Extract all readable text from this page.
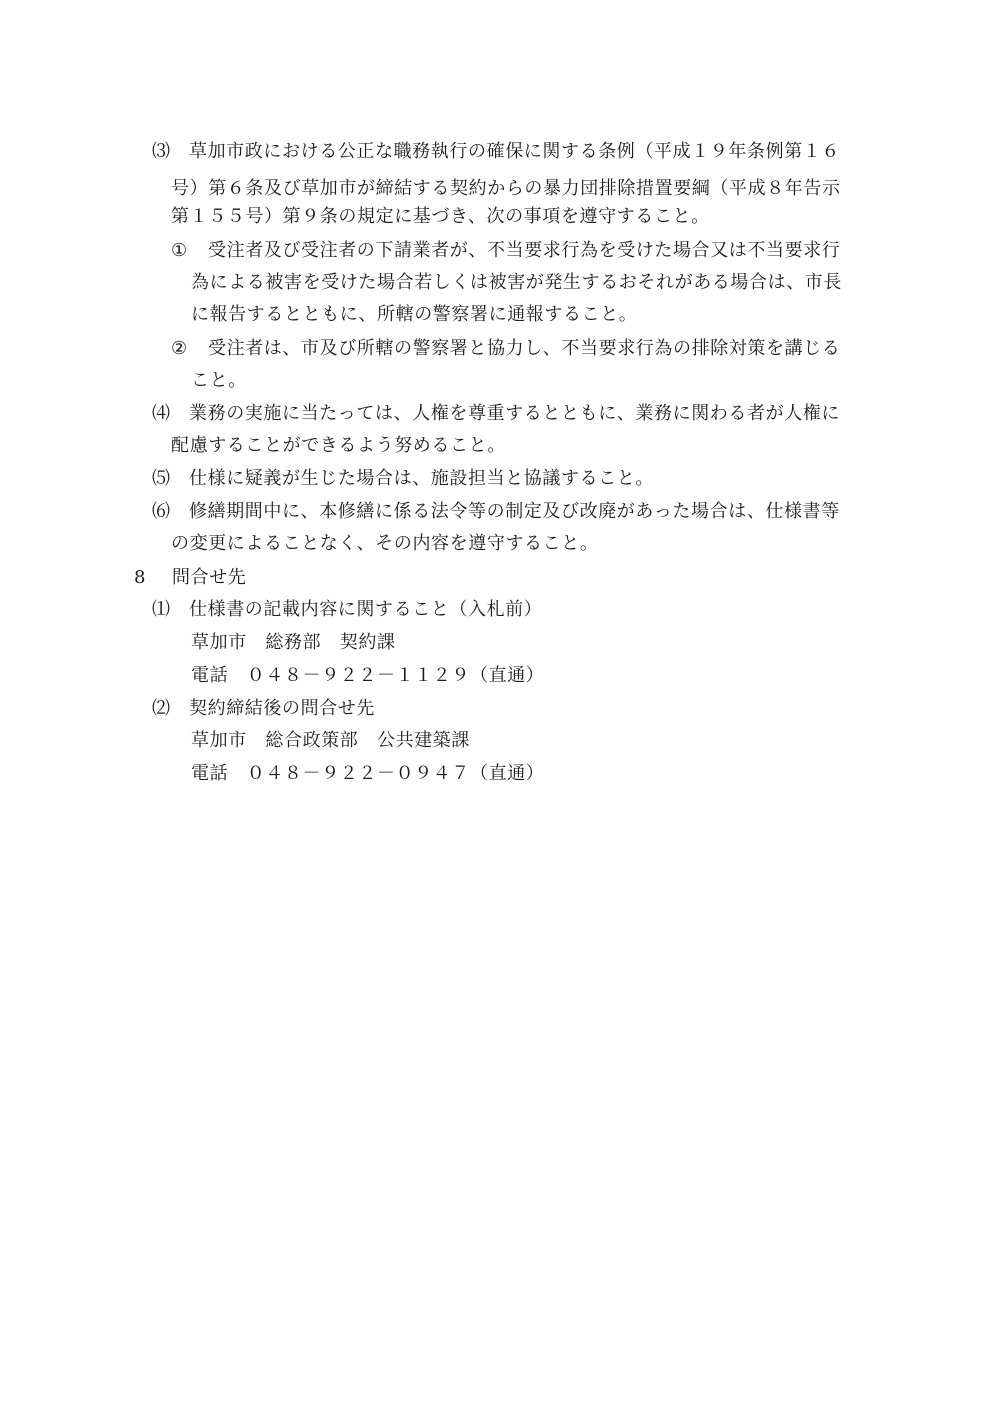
⑶ 草加市政における公正な職務執行の確保に関する条例（平成１９年条例第１６
号）第６条及び草加市が締結する契約からの暴力団排除措置要綱（平成８年告示
第１５５号）第９条の規定に基づき、次の事項を遵守すること。
① 受注者及び受注者の下請業者が、不当要求行為を受けた場合又は不当要求行
為による被害を受けた場合若しくは被害が発生するおそれがある場合は、市長
に報告するとともに、所轄の警察署に通報すること。
② 受注者は、市及び所轄の警察署と協力し、不当要求行為の排除対策を講じる
こと。
⑷ 業務の実施に当たっては、人権を尊重するとともに、業務に関わる者が人権に
配慮することができるよう努めること。
⑸ 仕様に疑義が生じた場合は、施設担当と協議すること。
⑹ 修繕期間中に、本修繕に係る法令等の制定及び改廃があった場合は、仕様書等
の変更によることなく、その内容を遵守すること。
8 問合せ先
⑴ 仕様書の記載内容に関すること（入札前）
草加市　総務部　契約課
電話　０４８－９２２－１１２９（直通）
⑵ 契約締結後の問合せ先
草加市　総合政策部　公共建築課
電話　０４８－９２２－０９４７（直通）
